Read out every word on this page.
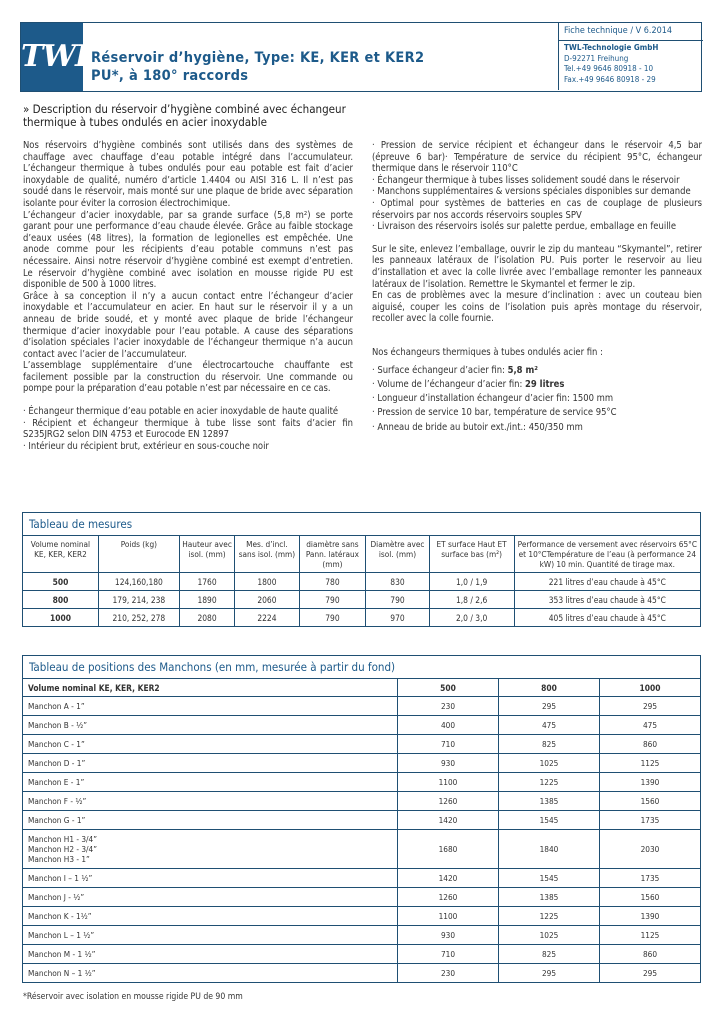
TWL
Réservoir d’hygiène, Type: KE, KER et KER2
PU*, à 180° raccords
Fiche technique / V 6.2014
TWL-Technologie GmbH
D-92271 Freihung
Tel.+49 9646 80918 - 10
Fax.+49 9646 80918 - 29
» Description du réservoir d’hygiène combiné avec échangeur thermique à tubes ondulés en acier inoxydable

Nos réservoirs d’hygiène combinés sont utilisés dans des systèmes de chauffage avec chauffage d’eau potable intégré dans l’accumulateur. L’échangeur thermique à tubes ondulés pour eau potable est fait d’acier inoxydable de qualité, numéro d’article 1.4404 ou AISI 316 L. Il n’est pas soudé dans le réservoir, mais monté sur une plaque de bride avec séparation isolante pour éviter la corrosion électrochimique.

L’échangeur d’acier inoxydable, par sa grande surface (5,8 m²) se porte garant pour une performance d’eau chaude élevée. Grâce au faible stockage d’eaux usées (48 litres), la formation de legionelles est empêchée. Une anode comme pour les récipients d’eau potable communs n’est pas nécessaire. Ainsi notre réservoir d’hygiène combiné est exempt d’entretien. Le réservoir d’hygiène combiné avec isolation en mousse rigide PU est disponible de 500 à 1000 litres.

Grâce à sa conception il n’y a aucun contact entre l’échangeur d’acier inoxydable et l’accumulateur en acier. En haut sur le réservoir il y a un anneau de bride soudé, et y monté avec plaque de bride l’échangeur thermique d’acier inoxydable pour l’eau potable. A cause des séparations d’isolation spéciales l’acier inoxydable de l’échangeur thermique n’a aucun contact avec l’acier de l’accumulateur.

L’assemblage supplémentaire d’une électrocartouche chauffante est facilement possible par la construction du réservoir. Une commande ou pompe pour la préparation d’eau potable n’est par nécessaire en ce cas.

· Échangeur thermique d’eau potable en acier inoxydable de haute qualité

· Récipient et échangeur thermique à tube lisse sont faits d’acier fin S235JRG2 selon DIN 4753 et Eurocode EN 12897

· Intérieur du récipient brut, extérieur en sous-couche noir

· Pression de service récipient et échangeur dans le réservoir 4,5 bar (épreuve 6 bar)· Température de service du récipient 95°C, échangeur thermique dans le réservoir 110°C

· Échangeur thermique à tubes lisses solidement soudé dans le réservoir

· Manchons supplémentaires & versions spéciales disponibles sur demande

· Optimal pour systèmes de batteries en cas de couplage de plusieurs réservoirs par nos accords réservoirs souples SPV

· Livraison des réservoirs isolés sur palette perdue, emballage en feuille

Sur le site, enlevez l’emballage, ouvrir le zip du manteau “Skymantel”, retirer les panneaux latéraux de l’isolation PU. Puis porter le reservoir au lieu d’installation et avec la colle livrée avec l’emballage remonter les panneaux latéraux de l’isolation. Remettre le Skymantel et fermer le zip.

En cas de problèmes avec la mesure d’inclination : avec un couteau bien aiguisé, couper les coins de l’isolation puis après montage du réservoir, recoller avec la colle fournie.

Nos échangeurs thermiques à tubes ondulés acier fin :

· Surface échangeur d’acier fin: 5,8 m²

· Volume de l’échangeur d’acier fin: 29 litres

· Longueur d’installation échangeur d’acier fin: 1500 mm

· Pression de service 10 bar, température de service 95°C

· Anneau de bride au butoir ext./int.: 450/350 mm

Tableau de mesures							
Volume nominal KE, KER, KER2	Poids (kg)	Hauteur avec isol. (mm)	Mes. d’incl. sans isol. (mm)	diamètre sans Pann. latéraux (mm)	Diamètre avec isol. (mm)	ET surface Haut ET surface bas (m²)	Performance de versement avec réservoirs 65°C et 10°CTempérature de l’eau (à performance 24 kW) 10 min. Quantité de tirage max.
500	124,160,180	1760	1800	780	830	1,0 / 1,9	221 litres d’eau chaude à 45°C
800	179, 214, 238	1890	2060	790	790	1,8 / 2,6	353 litres d’eau chaude à 45°C
1000	210, 252, 278	2080	2224	790	970	2,0 / 3,0	405 litres d’eau chaude à 45°C
Tableau de positions des Manchons (en mm, mesurée à partir du fond)			
Volume nominal KE, KER, KER2	500	800	1000
Manchon A - 1”	230	295	295
Manchon B - ½”	400	475	475
Manchon C - 1”	710	825	860
Manchon D - 1”	930	1025	1125
Manchon E - 1”	1100	1225	1390
Manchon F - ½”	1260	1385	1560
Manchon G - 1”	1420	1545	1735
Manchon H1 - 3/4”
Manchon H2 - 3/4”
Manchon H3 - 1”	1680	1840	2030
Manchon I – 1 ½”	1420	1545	1735
Manchon J - ½”	1260	1385	1560
Manchon K - 1½”	1100	1225	1390
Manchon L – 1 ½”	930	1025	1125
Manchon M - 1 ½”	710	825	860
Manchon N – 1 ½”	230	295	295
*Réservoir avec isolation en mousse rigide PU de 90 mm
